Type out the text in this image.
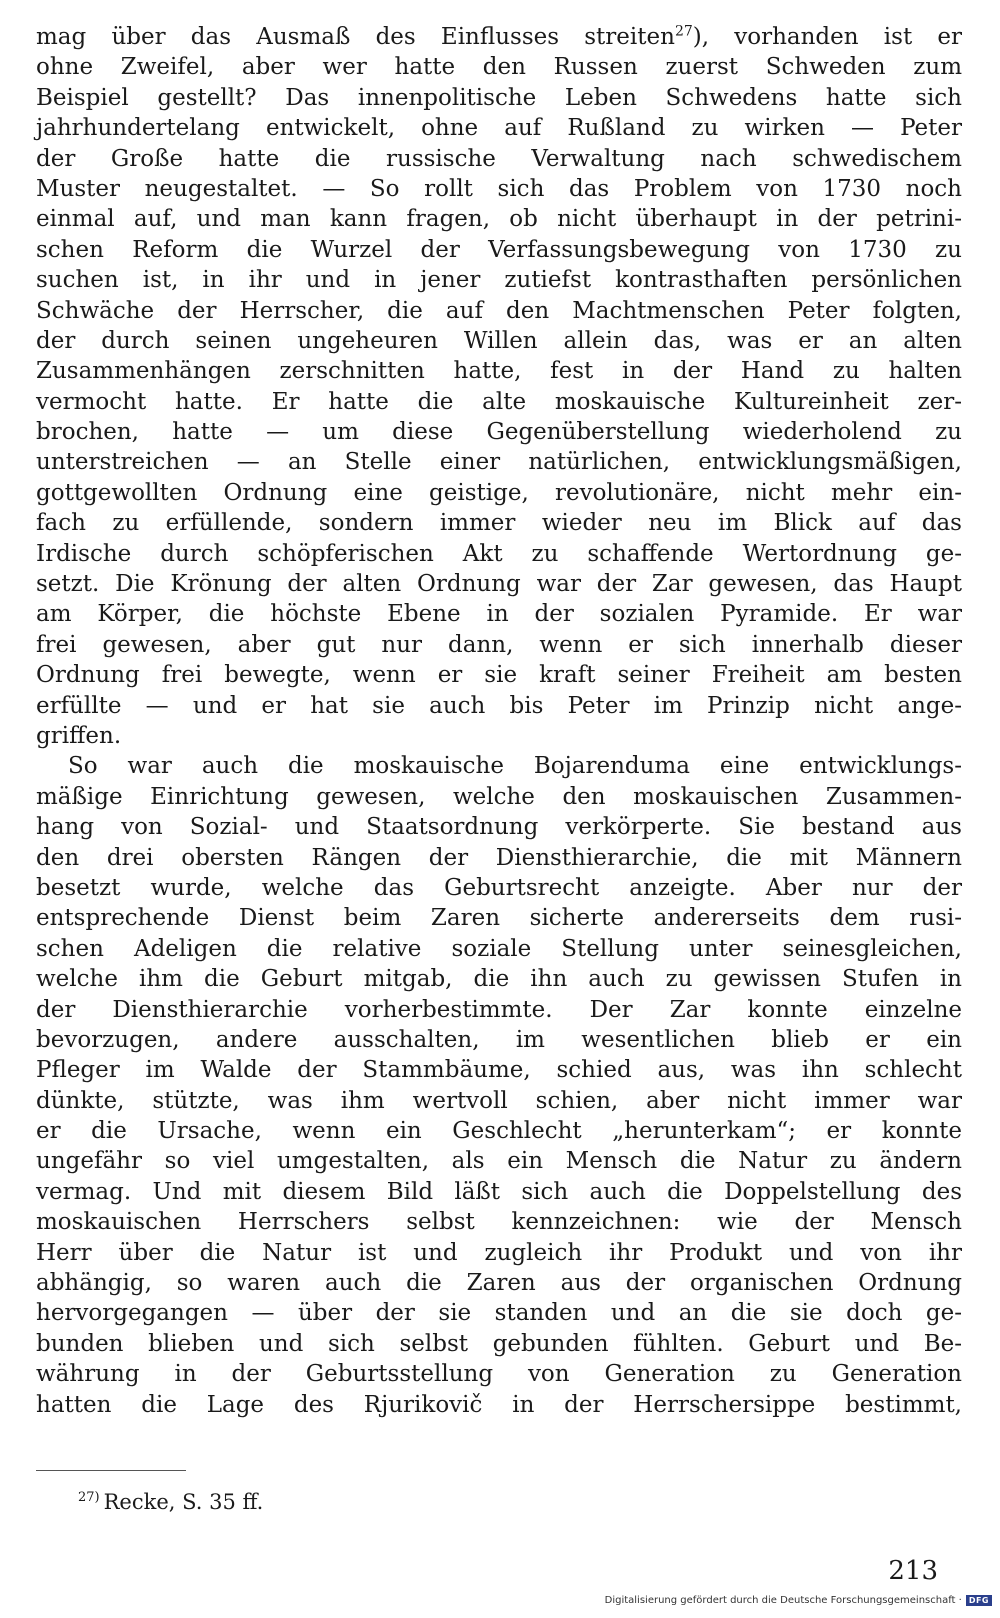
mag über das Ausmaß des Einflusses streiten$^{27}$), vorhanden ist er
ohne Zweifel, aber wer hatte den Russen zuerst Schweden zum
Beispiel gestellt? Das innenpolitische Leben Schwedens hatte sich
jahrhundertelang entwickelt, ohne auf Rußland zu wirken — Peter
der Große hatte die russische Verwaltung nach schwedischem
Muster neugestaltet. — So rollt sich das Problem von 1730 noch
einmal auf, und man kann fragen, ob nicht überhaupt in der petrini-
schen Reform die Wurzel der Verfassungsbewegung von 1730 zu
suchen ist, in ihr und in jener zutiefst kontrasthaften persönlichen
Schwäche der Herrscher, die auf den Machtmenschen Peter folgten,
der durch seinen ungeheuren Willen allein das, was er an alten
Zusammenhängen zerschnitten hatte, fest in der Hand zu halten
vermocht hatte. Er hatte die alte moskauische Kultureinheit zer-
brochen, hatte — um diese Gegenüberstellung wiederholend zu
unterstreichen — an Stelle einer natürlichen, entwicklungsmäßigen,
gottgewollten Ordnung eine geistige, revolutionäre, nicht mehr ein-
fach zu erfüllende, sondern immer wieder neu im Blick auf das
Irdische durch schöpferischen Akt zu schaffende Wertordnung ge-
setzt. Die Krönung der alten Ordnung war der Zar gewesen, das Haupt
am Körper, die höchste Ebene in der sozialen Pyramide. Er war
frei gewesen, aber gut nur dann, wenn er sich innerhalb dieser
Ordnung frei bewegte, wenn er sie kraft seiner Freiheit am besten
erfüllte — und er hat sie auch bis Peter im Prinzip nicht ange-
griffen.
So war auch die moskauische Bojarenduma eine entwicklungs-
mäßige Einrichtung gewesen, welche den moskauischen Zusammen-
hang von Sozial- und Staatsordnung verkörperte. Sie bestand aus
den drei obersten Rängen der Diensthierarchie, die mit Männern
besetzt wurde, welche das Geburtsrecht anzeigte. Aber nur der
entsprechende Dienst beim Zaren sicherte andererseits dem rusi-
schen Adeligen die relative soziale Stellung unter seinesgleichen,
welche ihm die Geburt mitgab, die ihn auch zu gewissen Stufen in
der Diensthierarchie vorherbestimmte. Der Zar konnte einzelne
bevorzugen, andere ausschalten, im wesentlichen blieb er ein
Pfleger im Walde der Stammbäume, schied aus, was ihn schlecht
dünkte, stützte, was ihm wertvoll schien, aber nicht immer war
er die Ursache, wenn ein Geschlecht „herunterkam“; er konnte
ungefähr so viel umgestalten, als ein Mensch die Natur zu ändern
vermag. Und mit diesem Bild läßt sich auch die Doppelstellung des
moskauischen Herrschers selbst kennzeichnen: wie der Mensch
Herr über die Natur ist und zugleich ihr Produkt und von ihr
abhängig, so waren auch die Zaren aus der organischen Ordnung
hervorgegangen — über der sie standen und an die sie doch ge-
bunden blieben und sich selbst gebunden fühlten. Geburt und Be-
währung in der Geburtsstellung von Generation zu Generation
hatten die Lage des Rjurikovič in der Herrschersippe bestimmt,
$^{27)}$ Recke, S. 35 ff.
213
Digitalisierung gefördert durch die Deutsche Forschungsgemeinschaft · DFG
